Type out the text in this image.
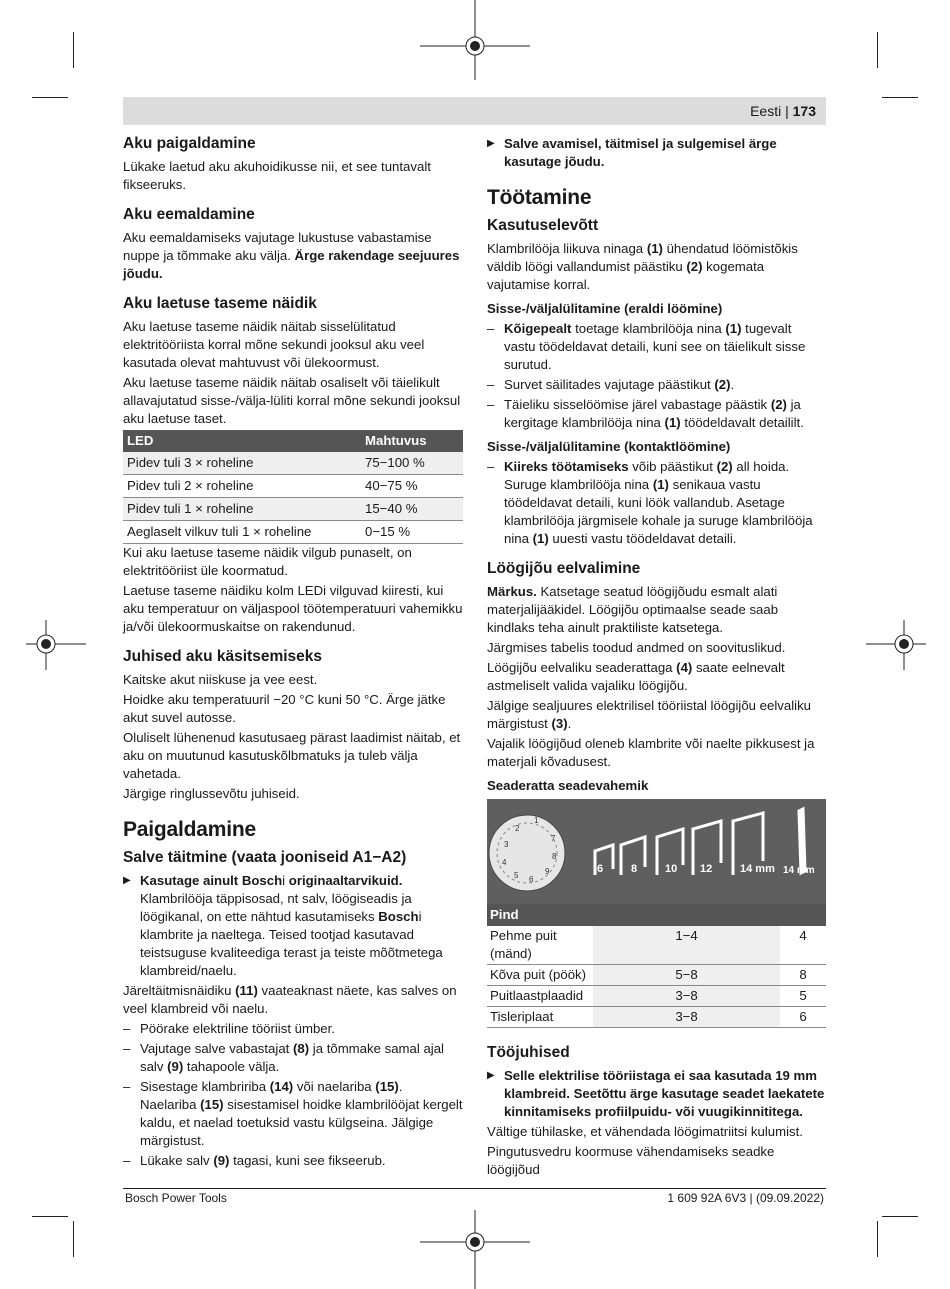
Eesti | 173
Aku paigaldamine

Lükake laetud aku akuhoidikusse nii, et see tuntavalt fikseeruks.

Aku eemaldamine

Aku eemaldamiseks vajutage lukustuse vabastamise nuppe ja tõmmake aku välja. Ärge rakendage seejuures jõudu.

Aku laetuse taseme näidik

Aku laetuse taseme näidik näitab sisselülitatud elektritööriista korral mõne sekundi jooksul aku veel kasutada olevat mahtuvust või ülekoormust.

Aku laetuse taseme näidik näitab osaliselt või täielikult allavajutatud sisse-/välja-lüliti korral mõne sekundi jooksul aku laetuse taset.

LED	Mahtuvus
Pidev tuli 3 × roheline	75−100 %
Pidev tuli 2 × roheline	40−75 %
Pidev tuli 1 × roheline	15−40 %
Aeglaselt vilkuv tuli 1 × roheline	0−15 %

Kui aku laetuse taseme näidik vilgub punaselt, on elektritööriist üle koormatud.

Laetuse taseme näidiku kolm LEDi vilguvad kiiresti, kui aku temperatuur on väljaspool töötemperatuuri vahemikku ja/või ülekoormuskaitse on rakendunud.

Juhised aku käsitsemiseks

Kaitske akut niiskuse ja vee eest.

Hoidke aku temperatuuril −20 °C kuni 50 °C. Ärge jätke akut suvel autosse.

Oluliselt lühenenud kasutusaeg pärast laadimist näitab, et aku on muutunud kasutuskõlbmatuks ja tuleb välja vahetada.

Järgige ringlussevõtu juhiseid.

Paigaldamine
Salve täitmine (vaata jooniseid A1−A2)
▶ Kasutage ainult Boschi originaaltarvikuid. Klambrilööja täppisosad, nt salv, löögiseadis ja löögikanal, on ette nähtud kasutamiseks Boschi klambrite ja naeltega. Teised tootjad kasutavad teistsuguse kvaliteediga terast ja teiste mõõtmetega klambreid/naelu.

Järeltäitmisnäidiku (11) vaateaknast näete, kas salves on veel klambreid või naelu.

– Pöörake elektriline tööriist ümber.
– Vajutage salve vabastajat (8) ja tõmmake samal ajal salv (9) tahapoole välja.
– Sisestage klambririba (14) või naelariba (15).
Naelariba (15) sisestamisel hoidke klambrilööjat kergelt kaldu, et naelad toetuksid vastu külgseina. Jälgige märgistust.
– Lükake salv (9) tagasi, kuni see fikseerub.
▶ Salve avamisel, täitmisel ja sulgemisel ärge kasutage jõudu.
Töötamine
Kasutuselevõtt

Klambrilööja liikuva ninaga (1) ühendatud löömistõkis väldib löögi vallandumist päästiku (2) kogemata vajutamise korral.

Sisse-/väljalülitamine (eraldi löömine)
– Kõigepealt toetage klambrilööja nina (1) tugevalt vastu töödeldavat detaili, kuni see on täielikult sisse surutud.
– Survet säilitades vajutage päästikut (2).
– Täieliku sisselöömise järel vabastage päästik (2) ja kergitage klambrilööja nina (1) töödeldavalt detaililt.
Sisse-/väljalülitamine (kontaktlöömine)
– Kiireks töötamiseks võib päästikut (2) all hoida.
Suruge klambrilööja nina (1) senikaua vastu töödeldavat detaili, kuni löök vallandub. Asetage klambrilööja järgmisele kohale ja suruge klambrilööja nina (1) uuesti vastu töödeldavat detaili.
Löögijõu eelvalimine

Märkus. Katsetage seatud löögijõudu esmalt alati materjalijääkidel. Löögijõu optimaalse seade saab kindlaks teha ainult praktiliste katsetega.

Järgmises tabelis toodud andmed on soovituslikud.

Löögijõu eelvaliku seaderattaga (4) saate eelnevalt astmeliselt valida vajaliku löögijõu.

Jälgige sealjuures elektrilisel tööriistal löögijõu eelvaliku märgistust (3).

Vajalik löögijõud oleneb klambrite või naelte pikkusest ja materjali kõvadusest.

Seaderatta seadevahemik
1
2
3
4
5 6
9
8
7
6	8	10 12	14 mm 14 mm
Pind		
Pehme puit (mänd)	1−4	4
Kõva puit (pöök)	5−8	8
Puitlaastplaadid	3−8	5
Tisleriplaat	3−8	6
Tööjuhised
▶ Selle elektrilise tööriistaga ei saa kasutada 19 mm klambreid. Seetõttu ärge kasutage seadet laekatete kinnitamiseks profiilpuidu- või vuugikinnititega.

Vältige tühilaske, et vähendada löögimatriitsi kulumist.

Pingutusvedru koormuse vähendamiseks seadke löögijõud

Bosch Power Tools	1 609 92A 6V3 | (09.09.2022)
